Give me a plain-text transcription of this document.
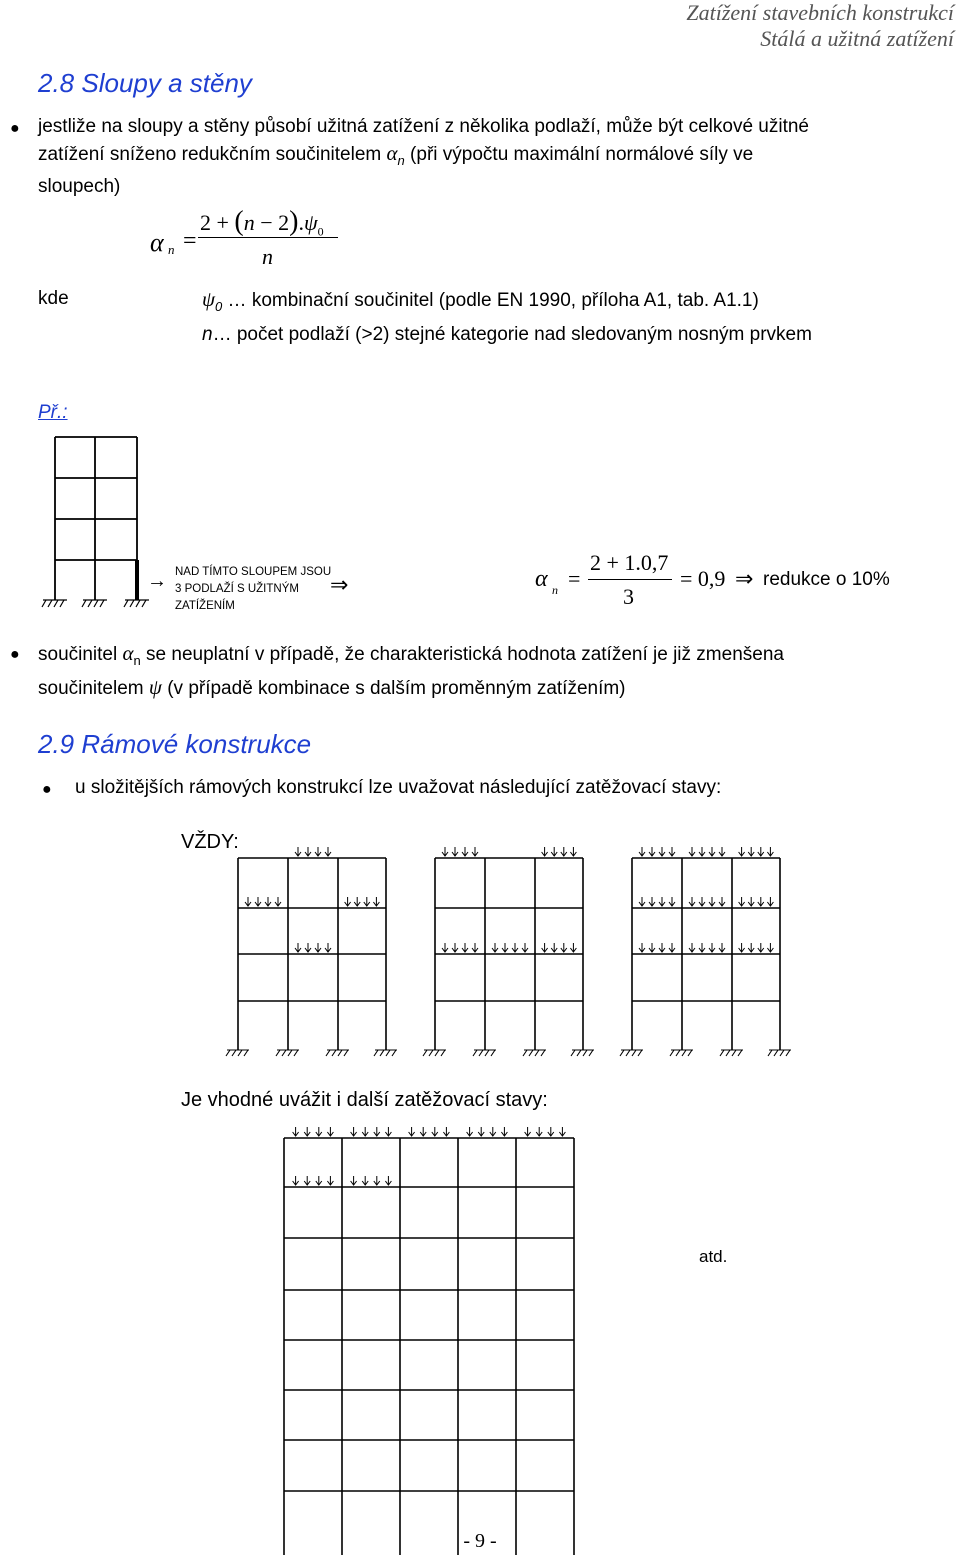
Zatížení stavebních konstrukcí
Stálá a užitná zatížení
2.8 Sloupy a stěny
● jestliže na sloupy a stěny působí užitná zatížení z několika podlaží, může být celkové užitné
zatížení sníženo redukčním součinitelem $\alpha_n$ (při výpočtu maximální normálové síly ve
sloupech)
α n =
$2 + (n - 2).\psi_0$
n
kde	$\psi_0$ … kombinační součinitel (podle EN 1990, příloha A1, tab. A1.1)
n… počet podlaží (>2) stejné kategorie nad sledovaným nosným prvkem
Př.:
→ NAD TÍMTO SLOUPEM JSOU
3 PODLAŽÍ S UŽITNÝM
ZATÍŽENÍM
⇒	α n =
2 + 1.0,7
3
= 0,9 ⇒ redukce o 10%
● součinitel $\alpha_n$ se neuplatní v případě, že charakteristická hodnota zatížení je již zmenšena
součinitelem ψ (v případě kombinace s dalším proměnným zatížením)
2.9 Rámové konstrukce
● u složitějších rámových konstrukcí lze uvažovat následující zatěžovací stavy:
VŽDY:
Je vhodné uvážit i další zatěžovací stavy:
atd.
- 9 -
